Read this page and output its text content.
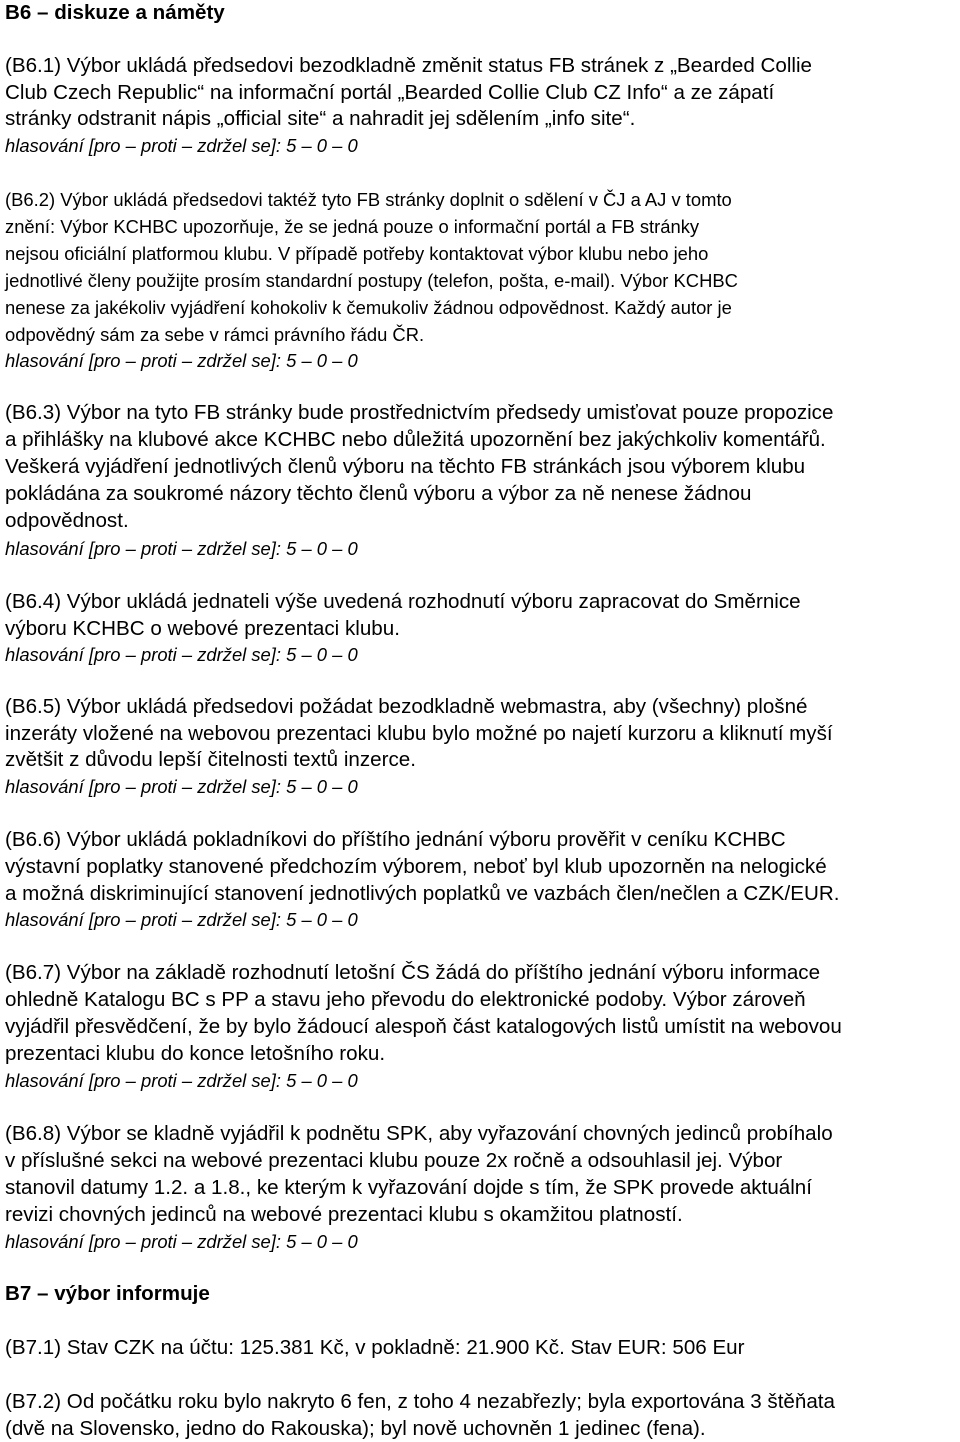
B6 – diskuze a náměty
(B6.1) Výbor ukládá předsedovi bezodkladně změnit status FB stránek z „Bearded Collie
Club Czech Republic“ na informační portál „Bearded Collie Club CZ Info“ a ze zápatí
stránky odstranit nápis „official site“ a nahradit jej sdělením „info site“.
hlasování [pro – proti – zdržel se]: 5 – 0 – 0
(B6.2) Výbor ukládá předsedovi taktéž tyto FB stránky doplnit o sdělení v ČJ a AJ v tomto
znění: Výbor KCHBC upozorňuje, že se jedná pouze o informační portál a FB stránky
nejsou oficiální platformou klubu. V případě potřeby kontaktovat výbor klubu nebo jeho
jednotlivé členy použijte prosím standardní postupy (telefon, pošta, e-mail). Výbor KCHBC
nenese za jakékoliv vyjádření kohokoliv k čemukoliv žádnou odpovědnost. Každý autor je
odpovědný sám za sebe v rámci právního řádu ČR.
hlasování [pro – proti – zdržel se]: 5 – 0 – 0
(B6.3) Výbor na tyto FB stránky bude prostřednictvím předsedy umisťovat pouze propozice
a přihlášky na klubové akce KCHBC nebo důležitá upozornění bez jakýchkoliv komentářů.
Veškerá vyjádření jednotlivých členů výboru na těchto FB stránkách jsou výborem klubu
pokládána za soukromé názory těchto členů výboru a výbor za ně nenese žádnou
odpovědnost.
hlasování [pro – proti – zdržel se]: 5 – 0 – 0
(B6.4) Výbor ukládá jednateli výše uvedená rozhodnutí výboru zapracovat do Směrnice
výboru KCHBC o webové prezentaci klubu.
hlasování [pro – proti – zdržel se]: 5 – 0 – 0
(B6.5) Výbor ukládá předsedovi požádat bezodkladně webmastra, aby (všechny) plošné
inzeráty vložené na webovou prezentaci klubu bylo možné po najetí kurzoru a kliknutí myší
zvětšit z důvodu lepší čitelnosti textů inzerce.
hlasování [pro – proti – zdržel se]: 5 – 0 – 0
(B6.6) Výbor ukládá pokladníkovi do příštího jednání výboru prověřit v ceníku KCHBC
výstavní poplatky stanovené předchozím výborem, neboť byl klub upozorněn na nelogické
a možná diskriminující stanovení jednotlivých poplatků ve vazbách člen/nečlen a CZK/EUR.
hlasování [pro – proti – zdržel se]: 5 – 0 – 0
(B6.7) Výbor na základě rozhodnutí letošní ČS žádá do příštího jednání výboru informace
ohledně Katalogu BC s PP a stavu jeho převodu do elektronické podoby. Výbor zároveň
vyjádřil přesvědčení, že by bylo žádoucí alespoň část katalogových listů umístit na webovou
prezentaci klubu do konce letošního roku.
hlasování [pro – proti – zdržel se]: 5 – 0 – 0
(B6.8) Výbor se kladně vyjádřil k podnětu SPK, aby vyřazování chovných jedinců probíhalo
v příslušné sekci na webové prezentaci klubu pouze 2x ročně a odsouhlasil jej. Výbor
stanovil datumy 1.2. a 1.8., ke kterým k vyřazování dojde s tím, že SPK provede aktuální
revizi chovných jedinců na webové prezentaci klubu s okamžitou platností.
hlasování [pro – proti – zdržel se]: 5 – 0 – 0
B7 – výbor informuje
(B7.1) Stav CZK na účtu: 125.381 Kč, v pokladně: 21.900 Kč. Stav EUR: 506 Eur
(B7.2) Od počátku roku bylo nakryto 6 fen, z toho 4 nezabřezly; byla exportována 3 štěňata
(dvě na Slovensko, jedno do Rakouska); byl nově uchovněn 1 jedinec (fena).
